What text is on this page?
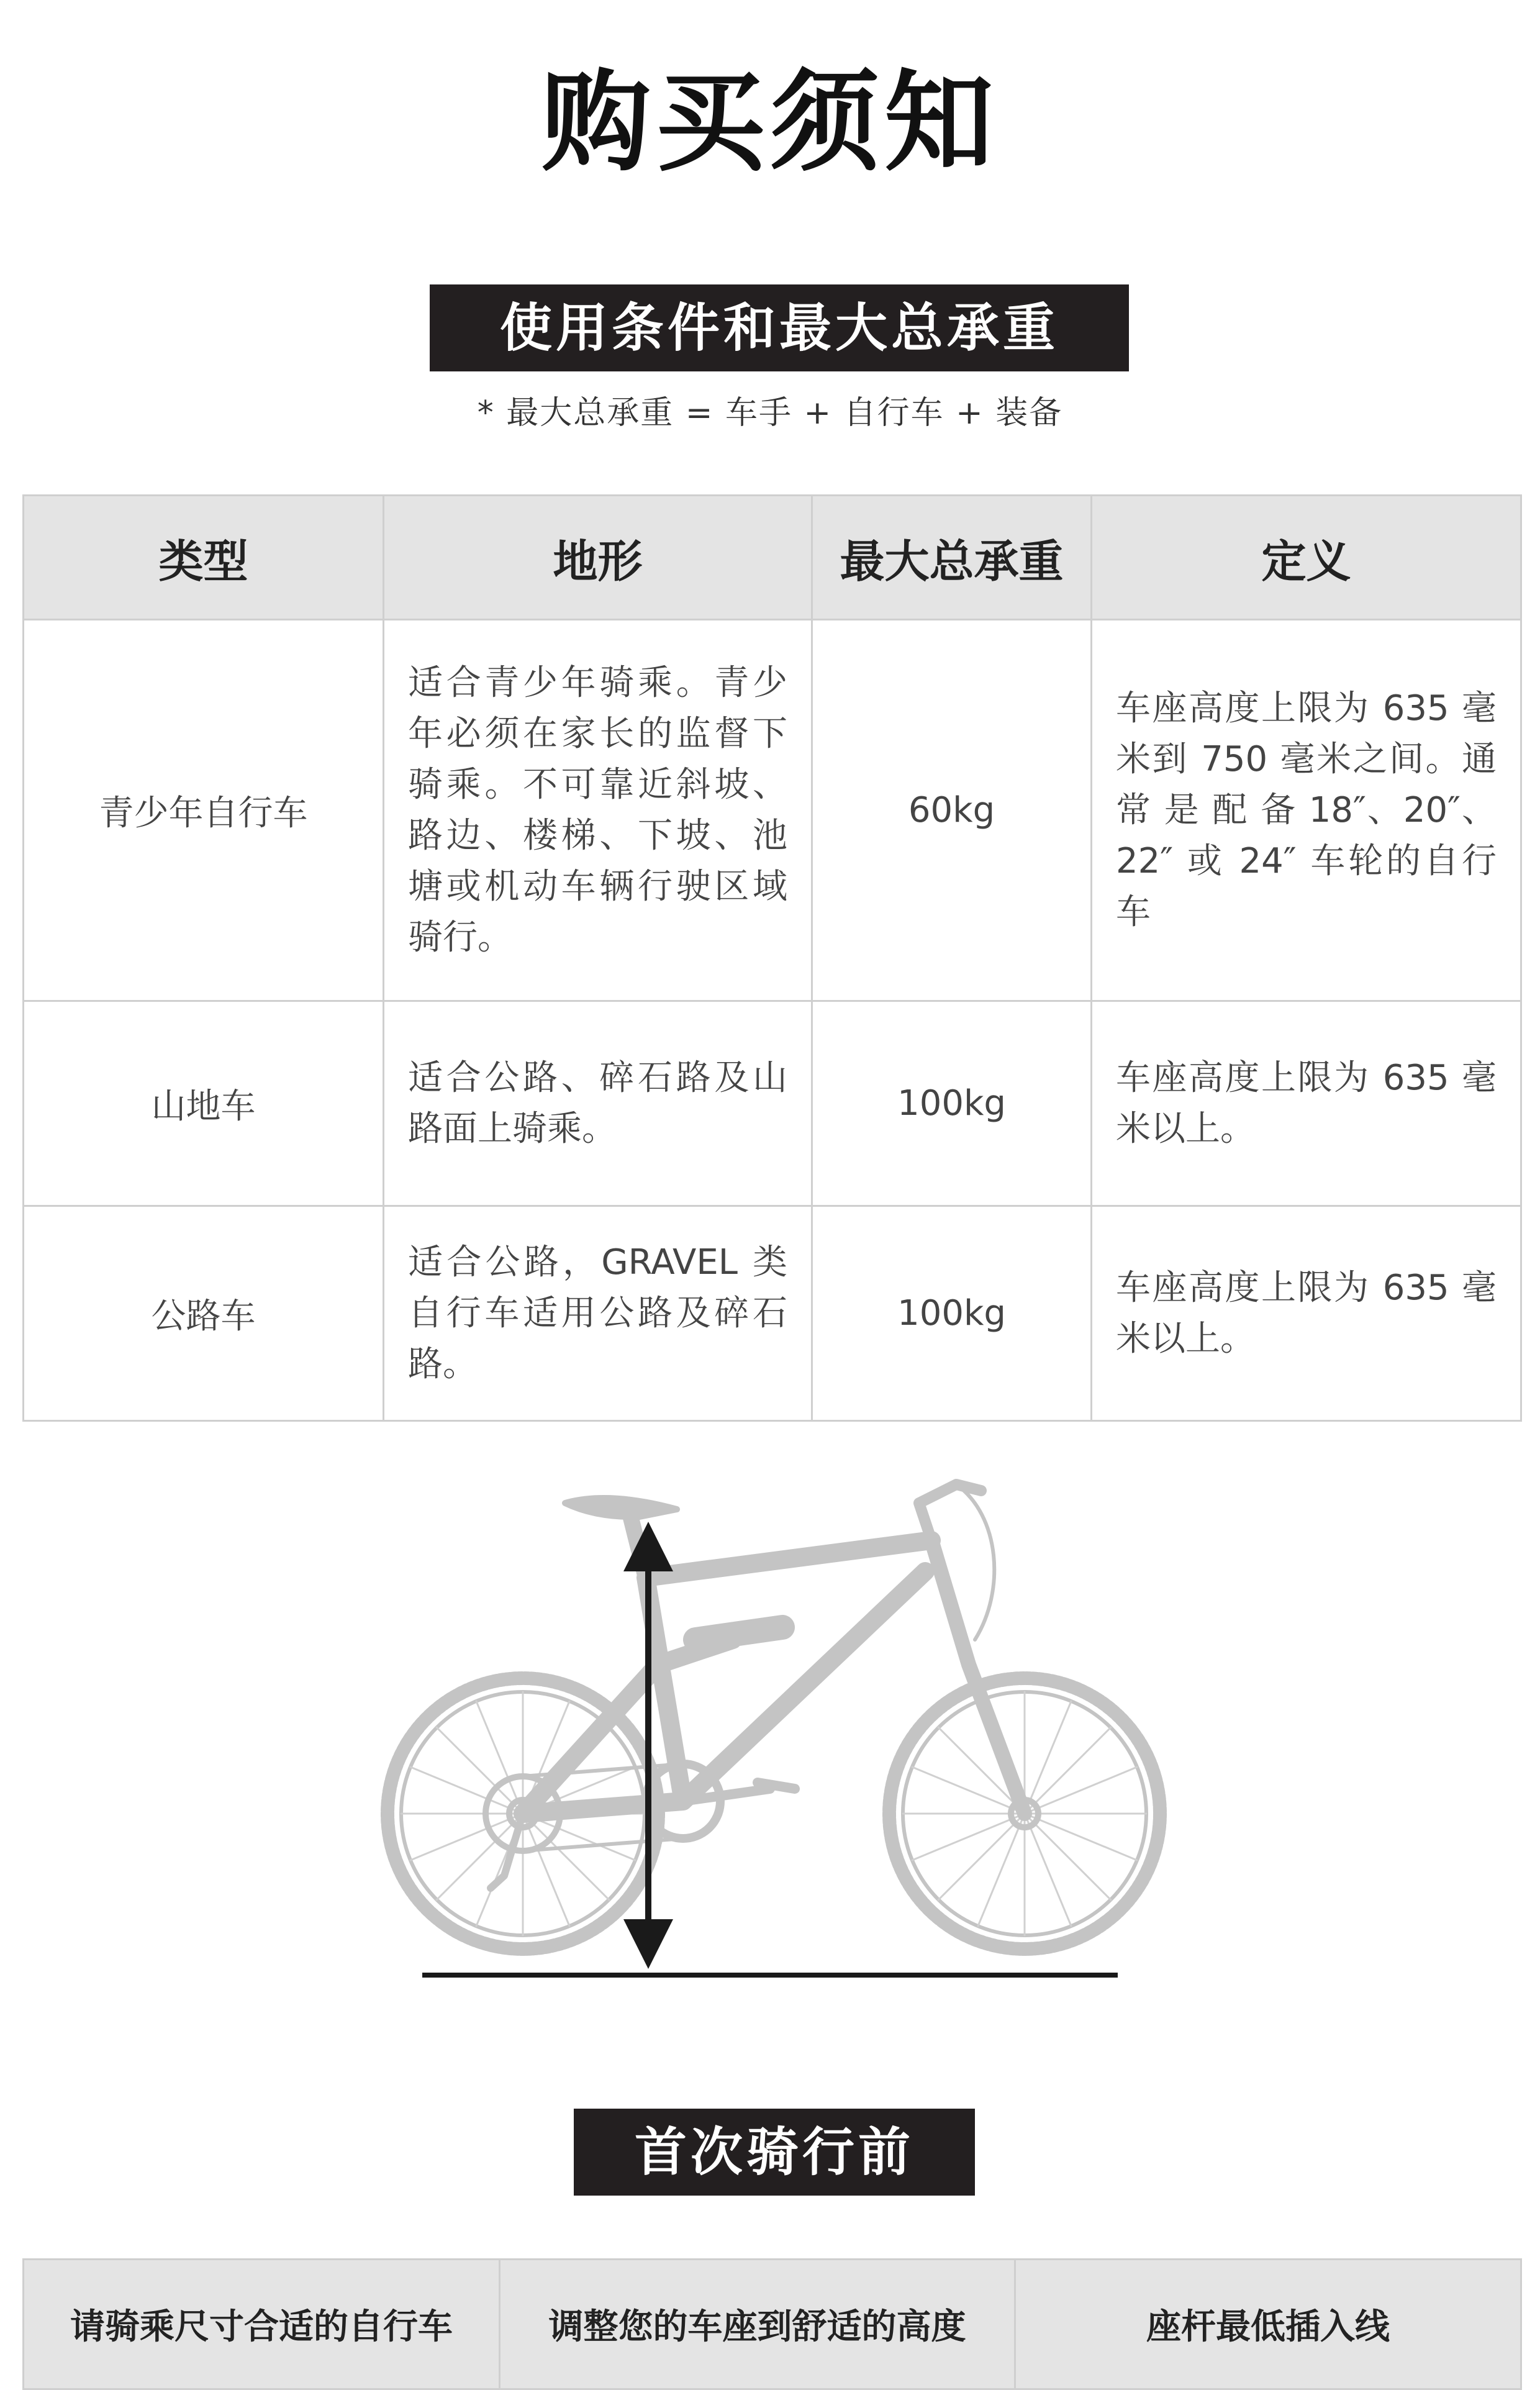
购买须知
使用条件和最大总承重
* 最大总承重 = 车手 + 自行车 + 装备
类型	地形	最大总承重	定义
青少年自行车	适合青少年骑乘。青少年必须在家长的监督下骑乘。不可靠近斜坡、路边、楼梯、下坡、池塘或机动车辆行驶区域骑行。	60kg	车座高度上限为 635 毫米到 750 毫米之间。通 常 是 配 备 18″、20″、22″ 或 24″ 车轮的自行车
山地车	适合公路、碎石路及山路面上骑乘。	100kg	车座高度上限为 635 毫米以上。
公路车	适合公路，GRAVEL 类自行车适用公路及碎石路。	100kg	车座高度上限为 635 毫米以上。
首次骑行前
请骑乘尺寸合适的自行车	调整您的车座到舒适的高度	座杆最低插入线
